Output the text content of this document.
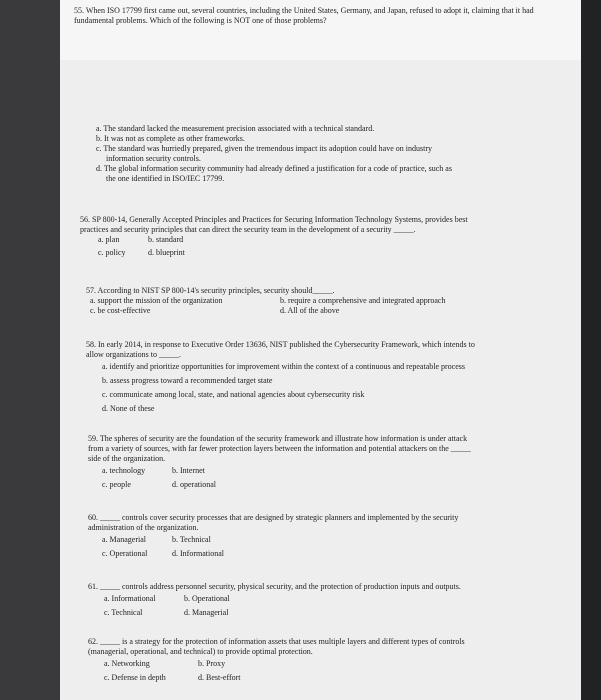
55. When ISO 17799 first came out, several countries, including the United States, Germany, and Japan, refused to adopt it, claiming that it had fundamental problems. Which of the following is NOT one of those problems?
a. The standard lacked the measurement precision associated with a technical standard.
b. It was not as complete as other frameworks.
c. The standard was hurriedly prepared, given the tremendous impact its adoption could have on industry
information security controls.
d. The global information security community had already defined a justification for a code of practice, such as
the one identified in ISO/IEC 17799.
56. SP 800-14, Generally Accepted Principles and Practices for Securing Information Technology Systems, provides best
practices and security principles that can direct the security team in the development of a security _____.
a. plan	b. standard
c. policy	d. blueprint
57. According to NIST SP 800-14's security principles, security should_____.
a. support the mission of the organization	b. require a comprehensive and integrated approach
c. be cost-effective	d. All of the above
58. In early 2014, in response to Executive Order 13636, NIST published the Cybersecurity Framework, which intends to
allow organizations to _____.
a. identify and prioritize opportunities for improvement within the context of a continuous and repeatable process
b. assess progress toward a recommended target state
c. communicate among local, state, and national agencies about cybersecurity risk
d. None of these
59. The spheres of security are the foundation of the security framework and illustrate how information is under attack
from a variety of sources, with far fewer protection layers between the information and potential attackers on the _____
side of the organization.
a. technology	b. Internet
c. people	d. operational
60. _____ controls cover security processes that are designed by strategic planners and implemented by the security
administration of the organization.
a. Managerial	b. Technical
c. Operational	d. Informational
61. _____ controls address personnel security, physical security, and the protection of production inputs and outputs.
a. Informational	b. Operational
c. Technical	d. Managerial
62. _____ is a strategy for the protection of information assets that uses multiple layers and different types of controls
(managerial, operational, and technical) to provide optimal protection.
a. Networking	b. Proxy
c. Defense in depth	d. Best-effort
